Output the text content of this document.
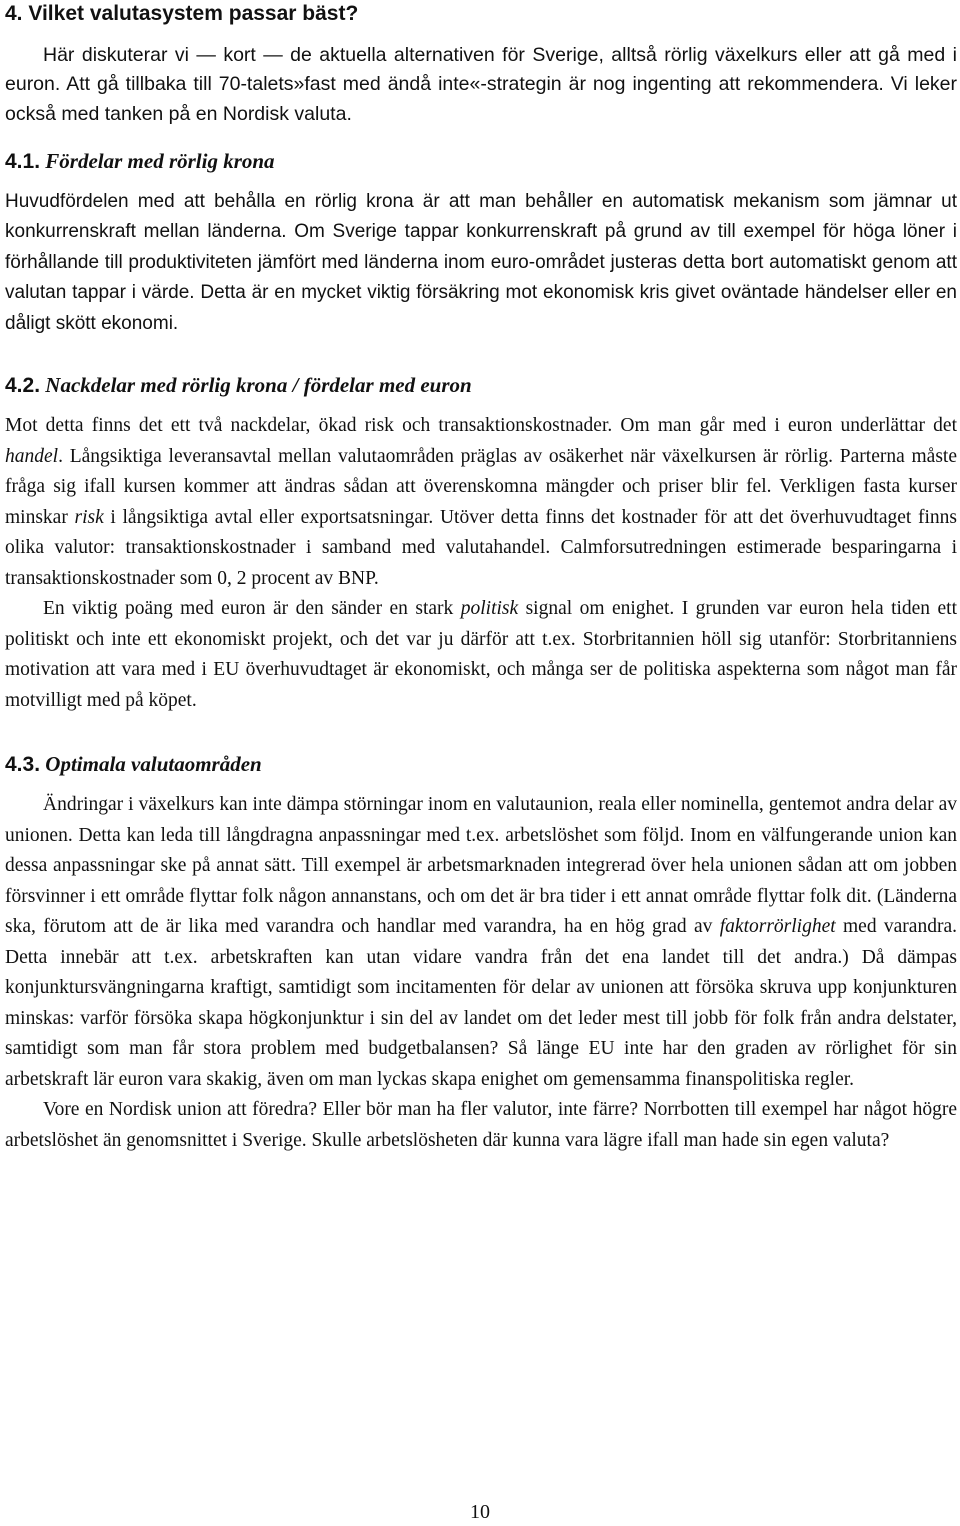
4. Vilket valutasystem passar bäst?

Här diskuterar vi — kort — de aktuella alternativen för Sverige, alltså rörlig växelkurs eller att gå med i euron. Att gå tillbaka till 70-talets»fast med ändå inte«-strategin är nog ingenting att rekommendera. Vi leker också med tanken på en Nordisk valuta.

4.1. Fördelar med rörlig krona

Huvudfördelen med att behålla en rörlig krona är att man behåller en automatisk mekanism som jämnar ut konkurrenskraft mellan länderna. Om Sverige tappar konkurrenskraft på grund av till exempel för höga löner i förhållande till produktiviteten jämfört med länderna inom euro-området justeras detta bort automatiskt genom att valutan tappar i värde. Detta är en mycket viktig försäkring mot ekonomisk kris givet oväntade händelser eller en dåligt skött ekonomi.

4.2. Nackdelar med rörlig krona / fördelar med euron

Mot detta finns det ett två nackdelar, ökad risk och transaktionskostnader. Om man går med i euron underlättar det handel. Långsiktiga leveransavtal mellan valutaområden präglas av osäkerhet när växelkursen är rörlig. Parterna måste fråga sig ifall kursen kommer att ändras sådan att överenskomna mängder och priser blir fel. Verkligen fasta kurser minskar risk i långsiktiga avtal eller exportsatsningar. Utöver detta finns det kostnader för att det överhuvudtaget finns olika valutor: transaktionskostnader i samband med valutahandel. Calmforsutredningen estimerade besparingarna i transaktionskostnader som 0, 2 procent av BNP.

En viktig poäng med euron är den sänder en stark politisk signal om enighet. I grunden var euron hela tiden ett politiskt och inte ett ekonomiskt projekt, och det var ju därför att t.ex. Storbritannien höll sig utanför: Storbritanniens motivation att vara med i EU överhuvudtaget är ekonomiskt, och många ser de politiska aspekterna som något man får motvilligt med på köpet.

4.3. Optimala valutaområden

Ändringar i växelkurs kan inte dämpa störningar inom en valutaunion, reala eller nominella, gentemot andra delar av unionen. Detta kan leda till långdragna anpassningar med t.ex. arbetslöshet som följd. Inom en välfungerande union kan dessa anpassningar ske på annat sätt. Till exempel är arbetsmarknaden integrerad över hela unionen sådan att om jobben försvinner i ett område flyttar folk någon annanstans, och om det är bra tider i ett annat område flyttar folk dit. (Länderna ska, förutom att de är lika med varandra och handlar med varandra, ha en hög grad av faktorrörlighet med varandra. Detta innebär att t.ex. arbetskraften kan utan vidare vandra från det ena landet till det andra.) Då dämpas konjunktursvängningarna kraftigt, samtidigt som incitamenten för delar av unionen att försöka skruva upp konjunkturen minskas: varför försöka skapa högkonjunktur i sin del av landet om det leder mest till jobb för folk från andra delstater, samtidigt som man får stora problem med budgetbalansen? Så länge EU inte har den graden av rörlighet för sin arbetskraft lär euron vara skakig, även om man lyckas skapa enighet om gemensamma finanspolitiska regler.

Vore en Nordisk union att föredra? Eller bör man ha fler valutor, inte färre? Norrbotten till exempel har något högre arbetslöshet än genomsnittet i Sverige. Skulle arbetslösheten där kunna vara lägre ifall man hade sin egen valuta?

10
